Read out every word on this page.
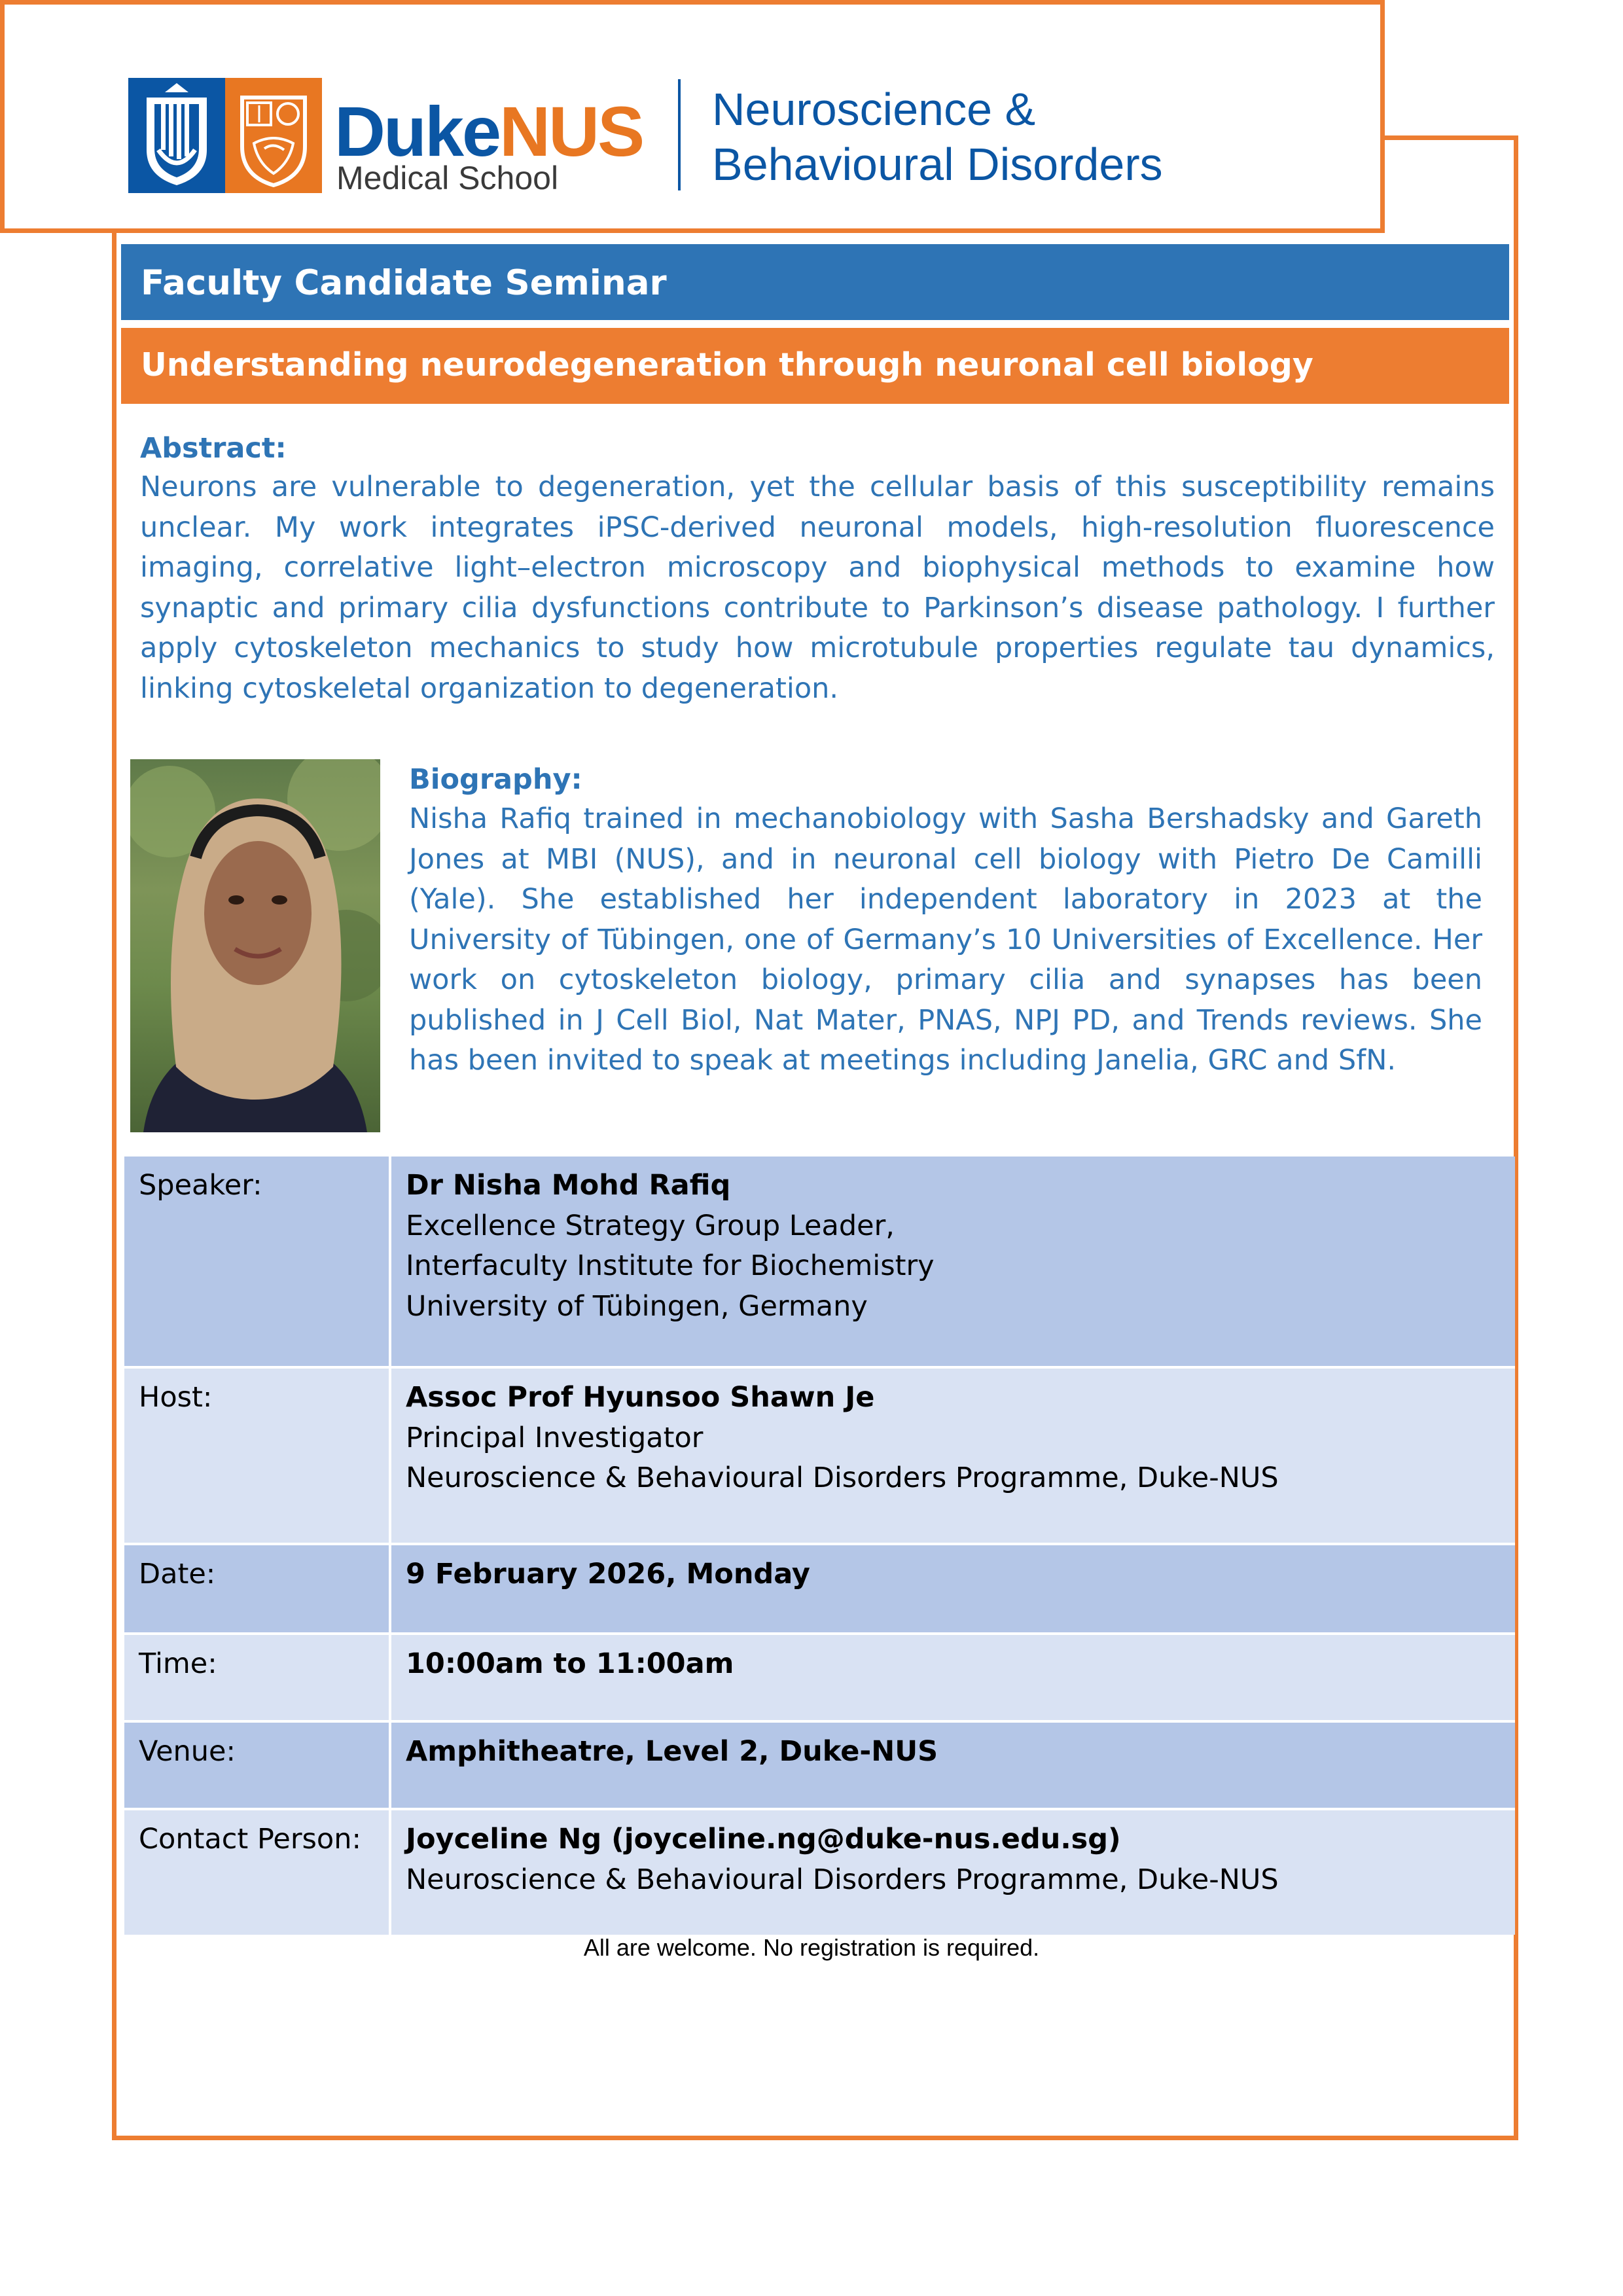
DukeNUS
Medical School
Neuroscience &
Behavioural Disorders
Faculty Candidate Seminar
Understanding neurodegeneration through neuronal cell biology
Abstract:
Neurons are vulnerable to degeneration, yet the cellular basis of this susceptibility remains unclear. My work integrates iPSC-derived neuronal models, high-resolution fluorescence imaging, correlative light–electron microscopy and biophysical methods to examine how synaptic and primary cilia dysfunctions contribute to Parkinson’s disease pathology. I further apply cytoskeleton mechanics to study how microtubule properties regulate tau dynamics, linking cytoskeletal organization to degeneration.
Biography:
Nisha Rafiq trained in mechanobiology with Sasha Bershadsky and Gareth Jones at MBI (NUS), and in neuronal cell biology with Pietro De Camilli (Yale). She established her independent laboratory in 2023 at the University of Tübingen, one of Germany’s 10 Universities of Excellence. Her work on cytoskeleton biology, primary cilia and synapses has been published in J Cell Biol, Nat Mater, PNAS, NPJ PD, and Trends reviews. She has been invited to speak at meetings including Janelia, GRC and SfN.
Speaker:	Dr Nisha Mohd Rafiq
Excellence Strategy Group Leader,
Interfaculty Institute for Biochemistry
University of Tübingen, Germany
Host:	Assoc Prof Hyunsoo Shawn Je
Principal Investigator
Neuroscience & Behavioural Disorders Programme, Duke-NUS
Date:	9 February 2026, Monday
Time:	10:00am to 11:00am
Venue:	Amphitheatre, Level 2, Duke-NUS
Contact Person:	Joyceline Ng (joyceline.ng@duke-nus.edu.sg)
Neuroscience & Behavioural Disorders Programme, Duke-NUS
All are welcome. No registration is required.
